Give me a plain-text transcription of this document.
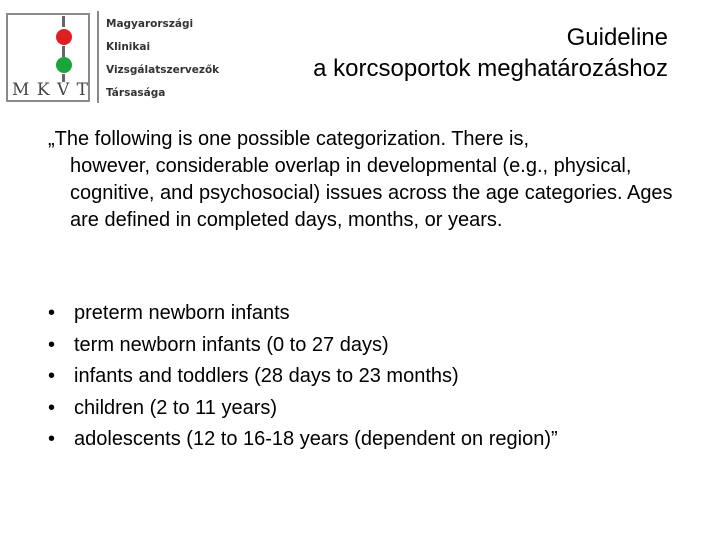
M K V T
Magyarországi
Klinikai
Vizsgálatszervezők
Társasága
Guideline
a korcsoportok meghatározáshoz
„The following is one possible categorization. There is,
however, considerable overlap in developmental (e.g., physical, cognitive, and psychosocial) issues across the age categories. Ages are defined in completed days, months, or years.
• preterm newborn infants
• term newborn infants (0 to 27 days)
• infants and toddlers (28 days to 23 months)
• children (2 to 11 years)
• adolescents (12 to 16-18 years (dependent on region)”
